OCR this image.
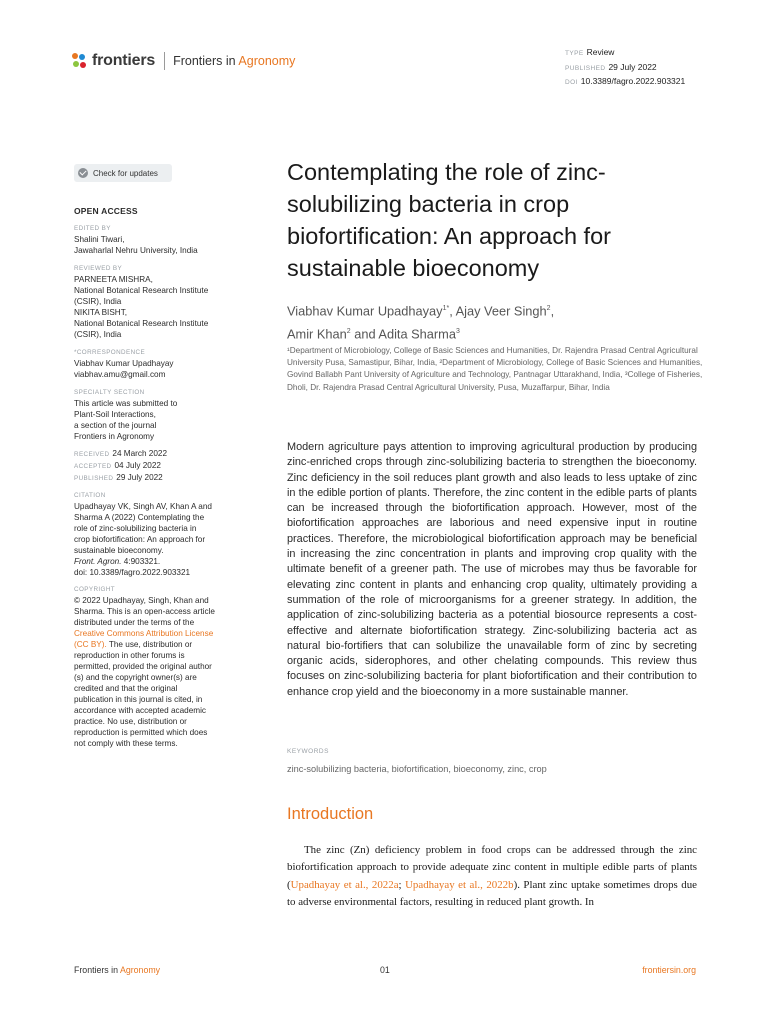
frontiers Frontiers in Agronomy
TYPE Review
PUBLISHED 29 July 2022
DOI 10.3389/fagro.2022.903321
Check for updates
OPEN ACCESS
EDITED BY
Shalini Tiwari,
Jawaharlal Nehru University, India
REVIEWED BY
PARNEETA MISHRA,
National Botanical Research Institute
(CSIR), India
NIKITA BISHT,
National Botanical Research Institute
(CSIR), India
*CORRESPONDENCE
Viabhav Kumar Upadhayay
viabhav.amu@gmail.com
SPECIALTY SECTION
This article was submitted to
Plant-Soil Interactions,
a section of the journal
Frontiers in Agronomy
RECEIVED 24 March 2022
ACCEPTED 04 July 2022
PUBLISHED 29 July 2022
CITATION
Upadhayay VK, Singh AV, Khan A and
Sharma A (2022) Contemplating the
role of zinc-solubilizing bacteria in
crop biofortification: An approach for
sustainable bioeconomy.
Front. Agron. 4:903321.
doi: 10.3389/fagro.2022.903321
COPYRIGHT
© 2022 Upadhayay, Singh, Khan and
Sharma. This is an open-access article
distributed under the terms of the
Creative Commons Attribution License
(CC BY). The use, distribution or
reproduction in other forums is
permitted, provided the original author
(s) and the copyright owner(s) are
credited and that the original
publication in this journal is cited, in
accordance with accepted academic
practice. No use, distribution or
reproduction is permitted which does
not comply with these terms.
Contemplating the role of zinc-solubilizing bacteria in crop biofortification: An approach for sustainable bioeconomy
Viabhav Kumar Upadhayay$^{1*}$, Ajay Veer Singh$^2$,
Amir Khan$^2$ and Adita Sharma$^3$
¹Department of Microbiology, College of Basic Sciences and Humanities, Dr. Rajendra Prasad Central Agricultural University Pusa, Samastipur, Bihar, India, ²Department of Microbiology, College of Basic Sciences and Humanities, Govind Ballabh Pant University of Agriculture and Technology, Pantnagar Uttarakhand, India, ³College of Fisheries, Dholi, Dr. Rajendra Prasad Central Agricultural University, Pusa, Muzaffarpur, Bihar, India

Modern agriculture pays attention to improving agricultural production by producing zinc-enriched crops through zinc-solubilizing bacteria to strengthen the bioeconomy. Zinc deficiency in the soil reduces plant growth and also leads to less uptake of zinc in the edible portion of plants. Therefore, the zinc content in the edible parts of plants can be increased through the biofortification approach. However, most of the biofortification approaches are laborious and need expensive input in routine practices. Therefore, the microbiological biofortification approach may be beneficial in increasing the zinc concentration in plants and improving crop quality with the ultimate benefit of a greener path. The use of microbes may thus be favorable for elevating zinc content in plants and enhancing crop quality, ultimately providing a summation of the role of microorganisms for a greener strategy. In addition, the application of zinc-solubilizing bacteria as a potential biosource represents a cost-effective and alternate biofortification strategy. Zinc-solubilizing bacteria act as natural bio-fortifiers that can solubilize the unavailable form of zinc by secreting organic acids, siderophores, and other chelating compounds. This review thus focuses on zinc-solubilizing bacteria for plant biofortification and their contribution to enhance crop yield and the bioeconomy in a more sustainable manner.

KEYWORDS
zinc-solubilizing bacteria, biofortification, bioeconomy, zinc, crop
Introduction

The zinc (Zn) deficiency problem in food crops can be addressed through the zinc biofortification approach to provide adequate zinc content in multiple edible parts of plants (Upadhayay et al., 2022a; Upadhayay et al., 2022b). Plant zinc uptake sometimes drops due to adverse environmental factors, resulting in reduced plant growth. In

Frontiers in Agronomy	01	frontiersin.org
